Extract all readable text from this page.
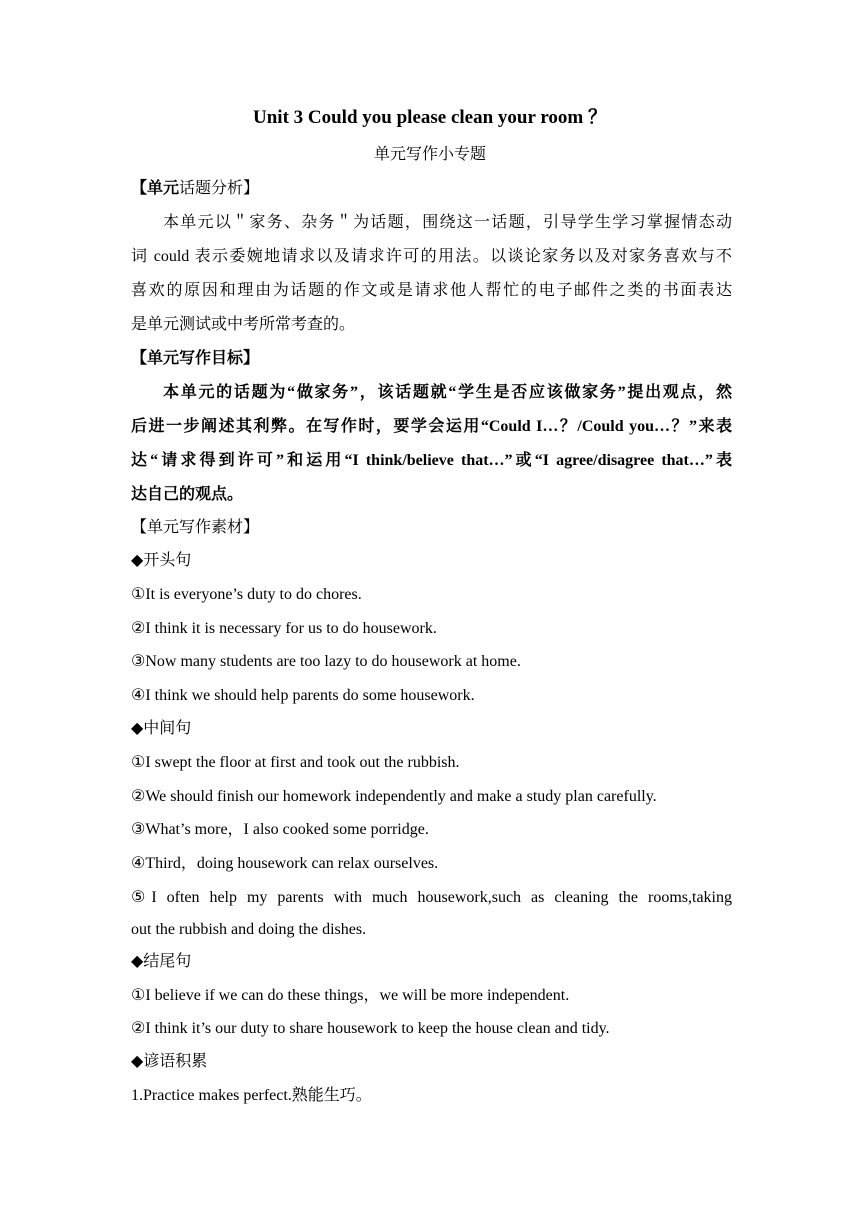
Unit 3 Could you please clean your room ？
单元写作小专题
【单元话题分析】
本单元以＂家务、杂务＂为话题，围绕这一话题，引导学生学习掌握情态动
词 could 表示委婉地请求以及请求许可的用法。以谈论家务以及对家务喜欢与不
喜欢的原因和理由为话题的作文或是请求他人帮忙的电子邮件之类的书面表达
是单元测试或中考所常考查的。
【单元写作目标】
本单元的话题为“做家务”，该话题就“学生是否应该做家务”提出观点，然
后进一步阐述其利弊。在写作时，要学会运用“Could I…？/Could you…？”来表
达“请求得到许可”和运用“I think/believe that…”或“I agree/disagree that…”表
达自己的观点。
【单元写作素材】
◆开头句
①It is everyone’s duty to do chores.
②I think it is necessary for us to do housework.
③Now many students are too lazy to do housework at home.
④I think we should help parents do some housework.
◆中间句
①I swept the floor at first and took out the rubbish.
②We should finish our homework independently and make a study plan carefully.
③What’s more，I also cooked some porridge.
④Third，doing housework can relax ourselves.
⑤I often help my parents with much housework,such as cleaning the rooms,taking
out the rubbish and doing the dishes.
◆结尾句
①I believe if we can do these things，we will be more independent.
②I think it’s our duty to share housework to keep the house clean and tidy.
◆谚语积累
1.Practice makes perfect.熟能生巧。
